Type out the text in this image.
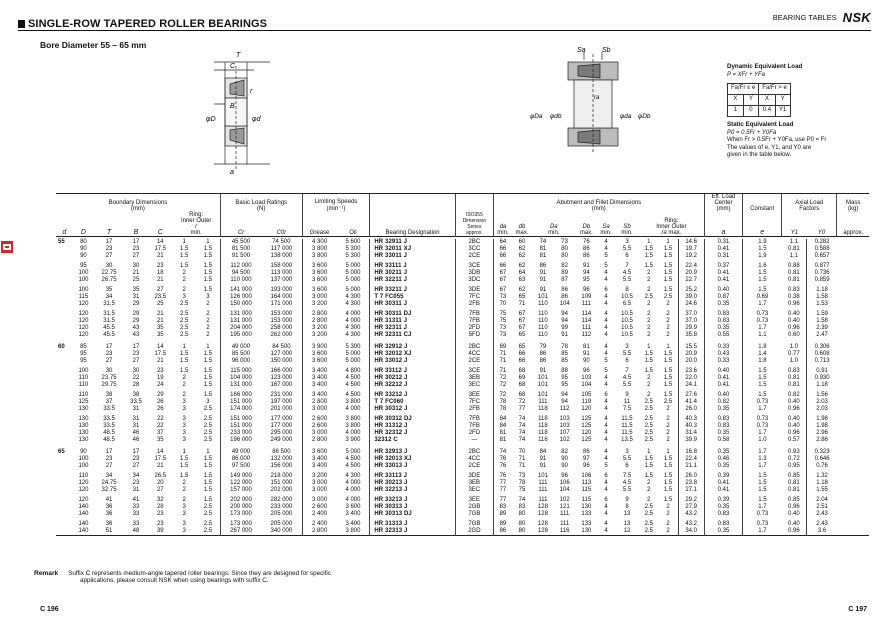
SINGLE-ROW TAPERED ROLLER BEARINGS
Bore Diameter 55 – 65 mm
BEARING TABLES NSK
T
C
B
φD	φd
a
r
Sa Sb
ra
φDa φdb	φda φDb
Dynamic Equivalent Load
P = XFr + YFa
Fa/Fr ≤ e		Fa/Fr > e	
X	Y	X	Y
1	0	0.4	Y1
Static Equivalent Load
P0 = 0.5Fr + Y0Fa
When Fr > 0.5Fr + Y0Fa, use P0 = Fr
The values of e, Y1, and Y0 are
given in the table below.
Boundary Dimensions
(mm)							Basic Load Ratings
(N)		Limiting Speeds
(min⁻¹)		Bearing Designation	ISO355
Dimension
Series
approx.	Abutment and Fillet Dimensions
(mm)										Eff. Load
Center
(mm)	Constant	Axial Load
Factors		Mass
(kg)
d	D	T	B	C	Ring:
Inner Outer
r
min.		Cr	C0r	Grease	Oil			da
min.	db
max.	Da
min.		Db
max.	Sa
min.	Sb
min.	Ring:
Inner Outer
ra max.			a	e	Y1	Y0	approx.

55	80	17	17	14	1	1	45 500	74 500	4 300	5 600	HR 32911 J	2BC	64	60	74	73	76	4	3	1	1	14.6	0.31	1.9	1.1	0.282	
	90	23	23	17.5	1.5	1.5	81 500	117 000	3 800	5 300	HR 32011 XJ	3CC	66	62	81	80	86	4	5.5	1.5	1.5	19.7	0.41	1.5	0.81	0.588	
	90	27	27	21	1.5	1.5	91 500	138 000	3 800	5 300	HR 33011 J	2CE	66	62	81	80	86	5	6	1.5	1.5	19.2	0.31	1.9	1.1	0.657	
	95	30	30	23	1.5	1.5	112 000	158 000	3 600	5 000	HR 33111 J	3CE	66	62	86	82	91	5	7	1.5	1.5	22.4	0.37	1.6	0.88	0.877	
	100	22.75	21	18	2	1.5	94 500	113 000	3 600	5 000	HR 30211 J	3DB	67	64	91	89	94	4	4.5	2	1.5	20.9	0.41	1.5	0.81	0.736	
	100	26.75	25	21	2	1.5	110 000	137 000	3 600	5 000	HR 32211 J	3DC	67	63	91	87	95	4	5.5	2	1.5	22.7	0.41	1.5	0.81	0.859	
	100	35	35	27	2	1.5	141 000	193 000	3 600	5 000	HR 33211 J	3DE	67	62	91	86	96	6	8	2	1.5	25.2	0.40	1.5	0.83	1.18	
	115	34	31	23.5	3	3	126 000	164 000	3 000	4 300	T 7 FC055	7FC	73	65	101	86	109	4	10.5	2.5	2.5	39.0	0.87	0.69	0.38	1.58	
	120	31.5	29	25	2.5	2	150 000	171 000	3 200	4 300	HR 30311 J	2FB	70	71	110	104	111	4	6.5	2	2	24.6	0.35	1.7	0.96	1.53	
	120	31.5	29	21	2.5	2	131 000	153 000	2 800	4 000	HR 30311 DJ	7FB	75	67	110	94	114	4	10.5	2	2	37.0	0.83	0.73	0.40	1.59	
	120	31.5	29	21	2.5	2	131 000	153 000	2 800	4 000	HR 31311 J	7FB	75	67	110	94	114	4	10.5	2	2	37.0	0.83	0.73	0.40	1.58	
	120	45.5	43	35	2.5	2	204 000	258 000	3 200	4 300	HR 32311 J	2FD	73	67	110	99	111	4	10.5	2	2	29.9	0.35	1.7	0.96	2.39	
	120	45.5	43	35	2.5	2	195 000	262 000	3 200	4 300	HR 32311 CJ	5FD	73	65	110	91	112	4	10.5	2	2	35.8	0.55	1.1	0.60	2.47	
60	85	17	17	14	1	1	49 000	84 500	3 900	5 300	HR 32912 J	2BC	69	65	79	78	81	4	3	1	1	15.5	0.33	1.8	1.0	0.306	
	95	23	23	17.5	1.5	1.5	85 500	127 000	3 600	5 000	HR 32012 XJ	4CC	71	66	86	85	91	4	5.5	1.5	1.5	20.9	0.43	1.4	0.77	0.608	
	95	27	27	21	1.5	1.5	96 000	150 000	3 600	5 000	HR 33012 J	2CE	71	66	86	85	90	5	6	1.5	1.5	20.0	0.33	1.8	1.0	0.713	
	100	30	30	23	1.5	1.5	115 000	166 000	3 400	4 800	HR 33112 J	3CE	71	68	91	88	96	5	7	1.5	1.5	23.6	0.40	1.5	0.83	0.91	
	110	23.75	22	19	2	1.5	104 000	123 000	3 400	4 500	HR 30212 J	3EB	72	69	101	95	103	4	4.5	2	1.5	22.0	0.41	1.5	0.81	0.930	
	110	29.75	28	24	2	1.5	131 000	167 000	3 400	4 500	HR 32212 J	3EC	72	68	101	95	104	4	5.5	2	1.5	24.1	0.41	1.5	0.81	1.18	
	110	38	38	29	2	1.5	166 000	231 000	3 400	4 500	HR 33212 J	3EE	72	68	101	94	105	6	9	2	1.5	27.6	0.40	1.5	0.82	1.56	
	125	37	33.5	26	3	3	151 000	197 000	2 800	3 800	T 7 FC060	7FC	78	72	111	94	119	4	11	2.5	2.5	41.4	0.82	0.73	0.40	2.03	
	130	33.5	31	26	3	2.5	174 000	201 000	3 000	4 000	HR 30312 J	2FB	78	77	118	112	120	4	7.5	2.5	2	26.0	0.35	1.7	0.96	2.03	
	130	33.5	31	22	3	2.5	151 000	177 000	2 600	3 800	HR 30312 DJ	7FB	84	74	118	103	125	4	11.5	2.5	2	40.3	0.83	0.73	0.40	1.98	
	130	33.5	31	22	3	2.5	151 000	177 000	2 600	3 800	HR 31312 J	7FB	84	74	118	103	125	4	11.5	2.5	2	40.3	0.83	0.73	0.40	1.98	
	130	48.5	46	37	3	2.5	233 000	295 000	3 000	4 000	HR 32312 J	2FD	81	74	118	107	120	4	11.5	2.5	2	31.4	0.35	1.7	0.96	2.96	
	130	48.5	46	35	3	2.5	196 000	249 000	2 800	3 900	32312 C	—	81	74	116	102	125	4	13.5	2.5	2	39.9	0.58	1.0	0.57	2.86	
65	90	17	17	14	1	1	49 000	86 500	3 600	5 000	HR 32913 J	2BC	74	70	84	82	86	4	3	1	1	16.8	0.35	1.7	0.93	0.323	
	100	23	23	17.5	1.5	1.5	86 000	132 000	3 400	4 500	HR 32013 XJ	4CC	76	71	91	90	97	4	5.5	1.5	1.5	22.4	0.46	1.3	0.72	0.646	
	100	27	27	21	1.5	1.5	97 500	156 000	3 400	4 500	HR 33013 J	2CE	76	71	91	90	96	5	6	1.5	1.5	21.1	0.35	1.7	0.95	0.76	
	110	34	34	26.5	1.5	1.5	149 000	218 000	3 200	4 300	HR 33113 J	3DE	76	73	101	96	106	6	7.5	1.5	1.5	26.0	0.39	1.5	0.85	1.32	
	120	24.75	23	20	2	1.5	122 000	151 000	3 000	4 000	HR 30213 J	3EB	77	78	111	106	113	4	4.5	2	1.5	23.8	0.41	1.5	0.81	1.18	
	120	32.75	31	27	2	1.5	157 000	202 000	3 000	4 000	HR 32213 J	3EC	77	75	111	104	115	4	5.5	2	1.5	27.1	0.41	1.5	0.81	1.55	
	120	41	41	32	2	1.5	202 000	282 000	3 000	4 000	HR 33213 J	3EE	77	74	111	102	115	6	9	2	1.5	29.2	0.39	1.5	0.85	2.04	
	140	36	33	28	3	2.5	200 000	233 000	2 600	3 600	HR 30313 J	2GB	83	83	128	121	130	4	8	2.5	2	27.9	0.35	1.7	0.96	2.51	
	140	36	33	23	3	2.5	173 000	205 000	2 400	3 400	HR 30313 DJ	7GB	89	80	128	111	133	4	13	2.5	2	43.2	0.83	0.73	0.40	2.43	
	140	36	33	23	3	2.5	173 000	205 000	2 400	3 400	HR 31313 J	7GB	89	80	128	111	133	4	13	2.5	2	43.2	0.83	0.73	0.40	2.43	
	140	51	48	39	3	2.5	267 000	340 000	2 800	3 800	HR 32313 J	2GD	86	80	128	116	130	4	12	2.5	2	34.0	0.35	1.7	0.96	3.6	

Remark Suffix C represents medium-angle tapered roller bearings. Since they are designed for specific
applications, please consult NSK when using bearings with suffix C.
C 196	C 197
